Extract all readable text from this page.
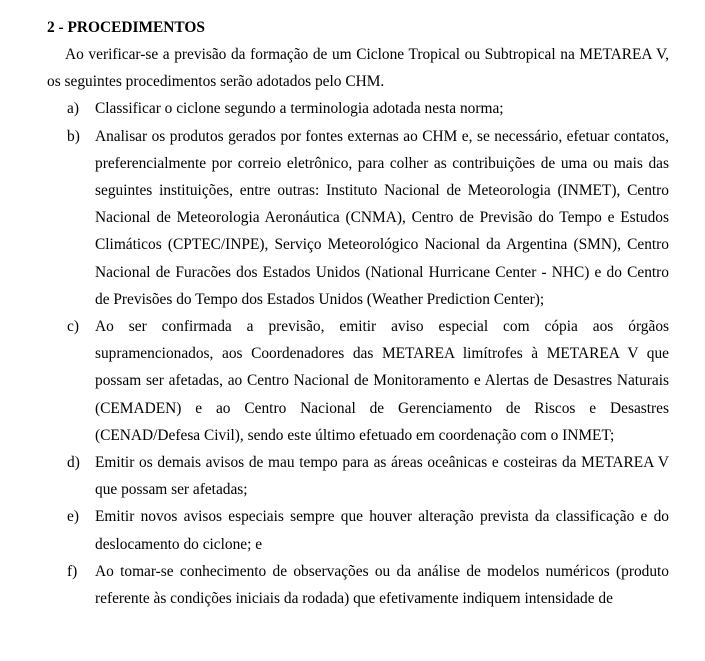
2 - PROCEDIMENTOS

Ao verificar-se a previsão da formação de um Ciclone Tropical ou Subtropical na METAREA V, os seguintes procedimentos serão adotados pelo CHM.

a)	Classificar o ciclone segundo a terminologia adotada nesta norma;
b) Analisar os produtos gerados por fontes externas ao CHM e, se necessário, efetuar contatos, preferencialmente por correio eletrônico, para colher as contribuições de uma ou mais das seguintes instituições, entre outras: Instituto Nacional de Meteorologia (INMET), Centro Nacional de Meteorologia Aeronáutica (CNMA), Centro de Previsão do Tempo e Estudos Climáticos (CPTEC/INPE), Serviço Meteorológico Nacional da Argentina (SMN), Centro Nacional de Furacões dos Estados Unidos (National Hurricane Center - NHC) e do Centro de Previsões do Tempo dos Estados Unidos (Weather Prediction Center);
c)	Ao ser confirmada a previsão, emitir aviso especial com cópia aos órgãos supramencionados, aos Coordenadores das METAREA limítrofes à METAREA V que possam ser afetadas, ao Centro Nacional de Monitoramento e Alertas de Desastres Naturais (CEMADEN) e ao Centro Nacional de Gerenciamento de Riscos e Desastres (CENAD/Defesa Civil), sendo este último efetuado em coordenação com o INMET;
d) Emitir os demais avisos de mau tempo para as áreas oceânicas e costeiras da METAREA V que possam ser afetadas;
e)	Emitir novos avisos especiais sempre que houver alteração prevista da classificação e do deslocamento do ciclone; e
f)	Ao tomar-se conhecimento de observações ou da análise de modelos numéricos (produto referente às condições iniciais da rodada) que efetivamente indiquem intensidade de
